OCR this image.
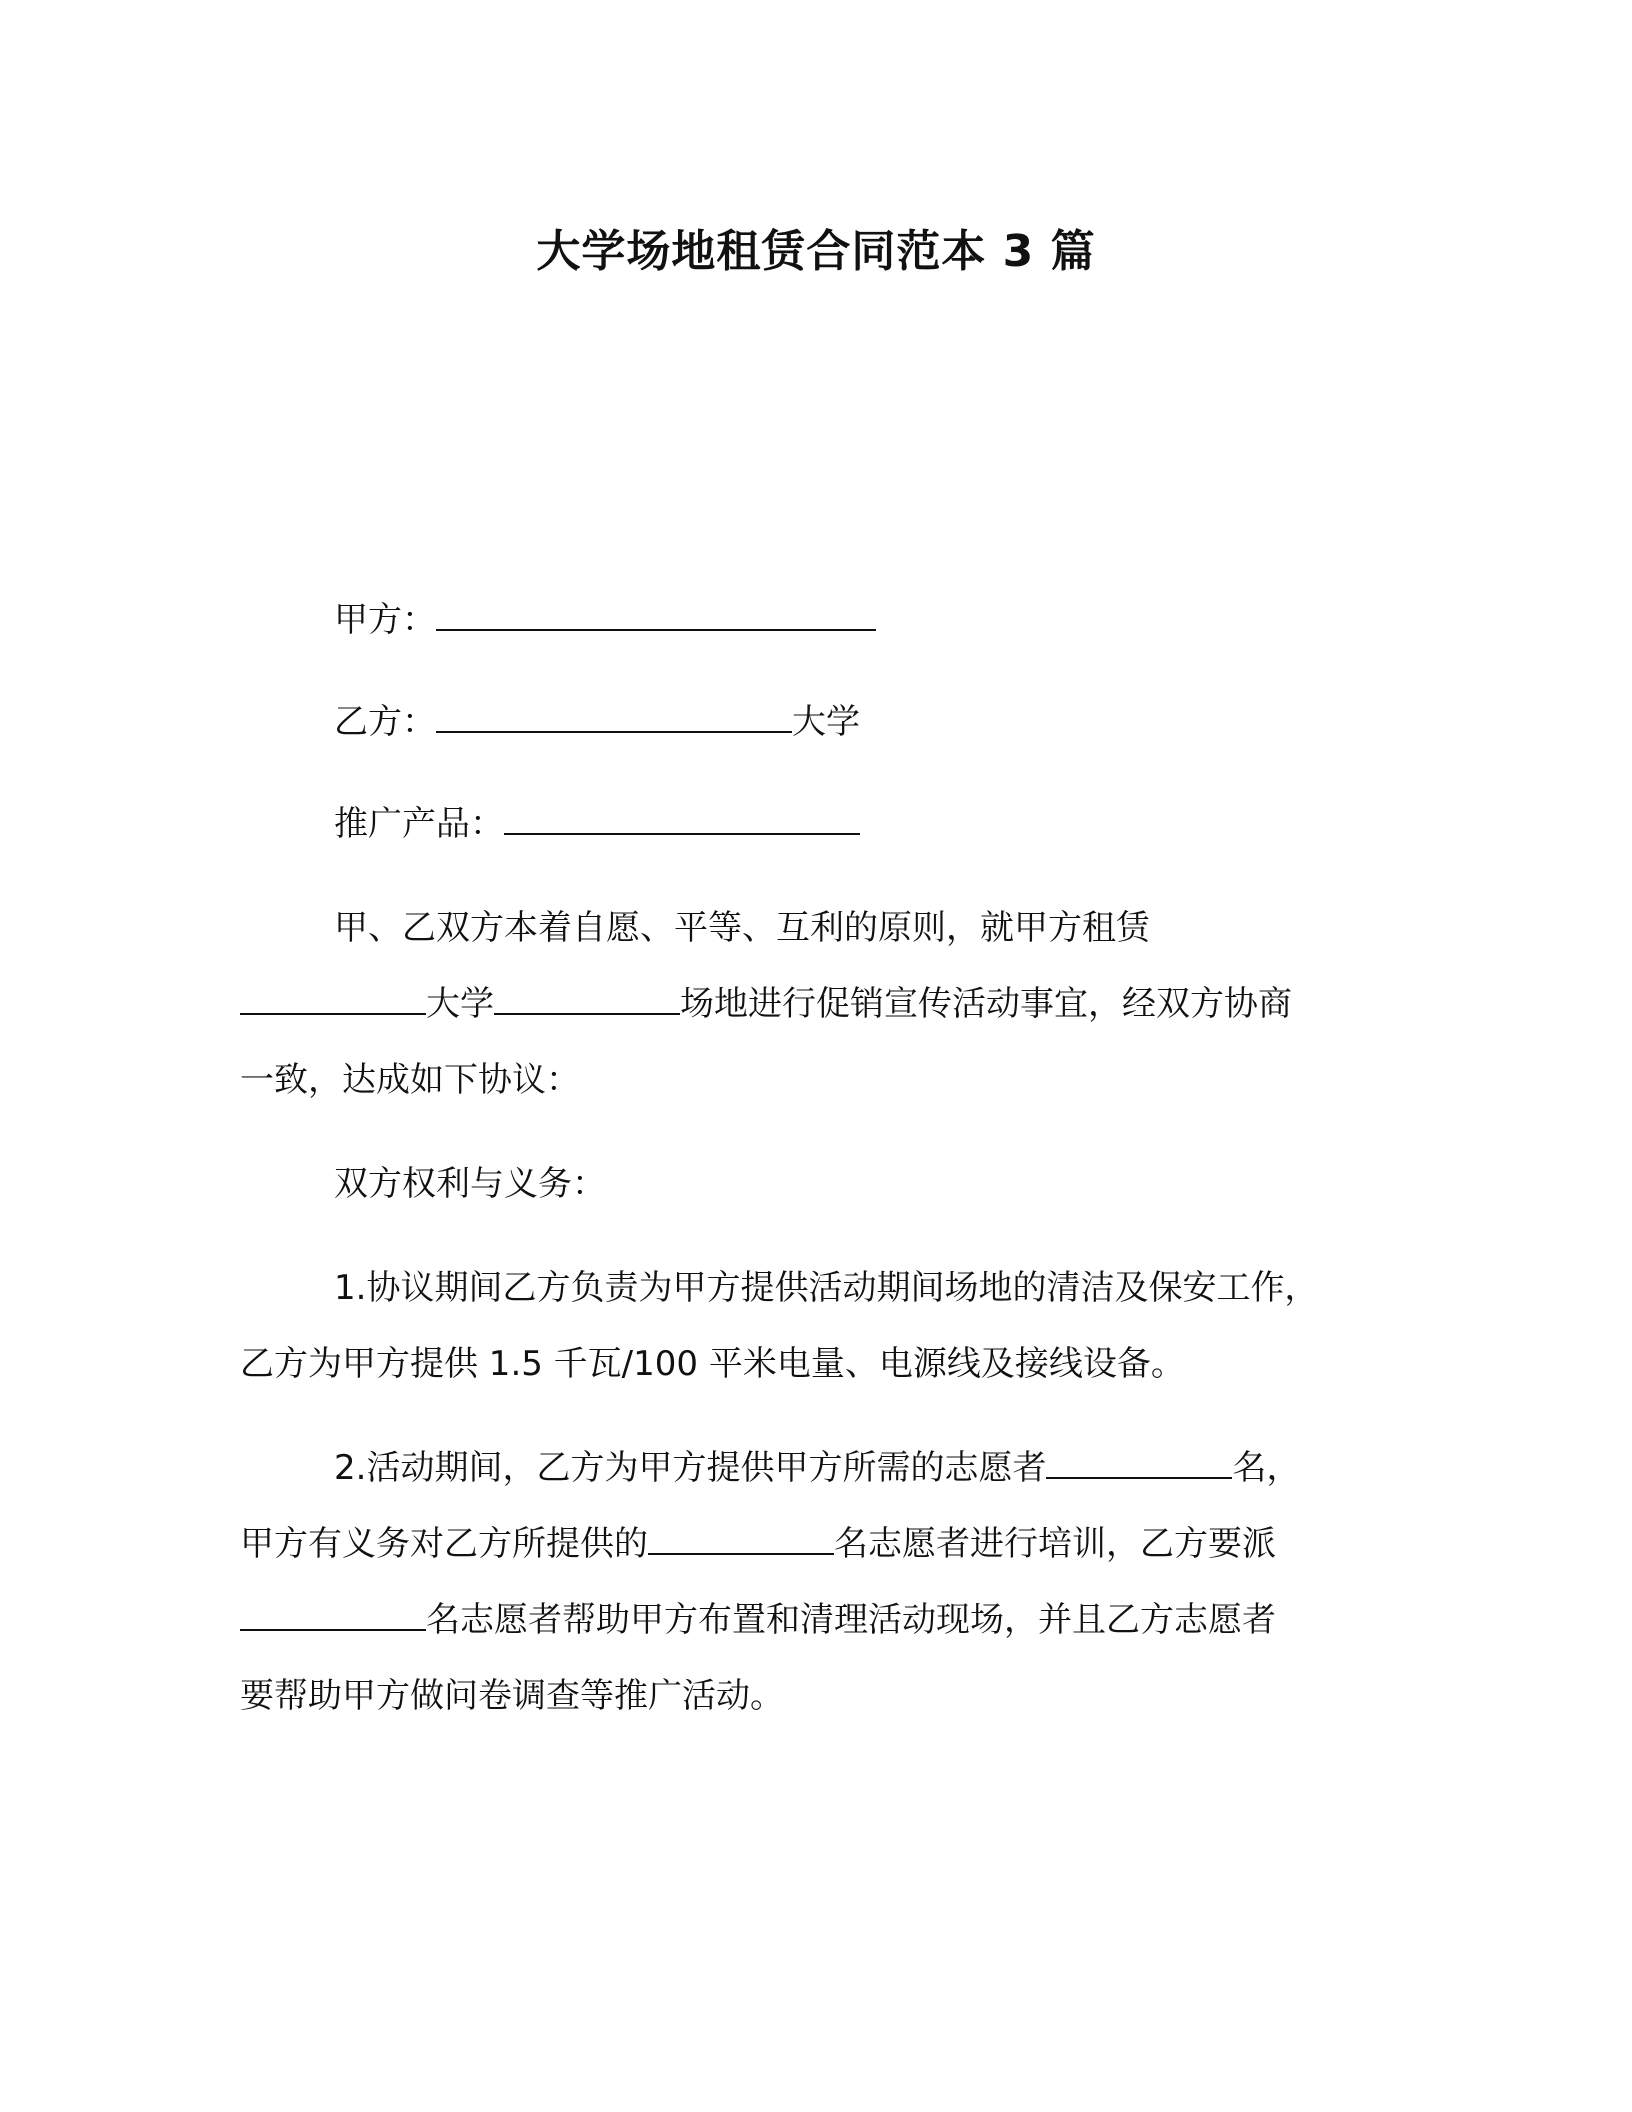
大学场地租赁合同范本 3 篇

甲方：

乙方：	大学

推广产品：

甲、乙双方本着自愿、平等、互利的原则，就甲方租赁

大学	场地进行促销宣传活动事宜，经双方协商

一致，达成如下协议：

双方权利与义务：

1.协议期间乙方负责为甲方提供活动期间场地的清洁及保安工作，

乙方为甲方提供 1.5 千瓦/100 平米电量、电源线及接线设备。

2.活动期间，乙方为甲方提供甲方所需的志愿者	名，

甲方有义务对乙方所提供的	名志愿者进行培训，乙方要派

名志愿者帮助甲方布置和清理活动现场，并且乙方志愿者

要帮助甲方做问卷调查等推广活动。
